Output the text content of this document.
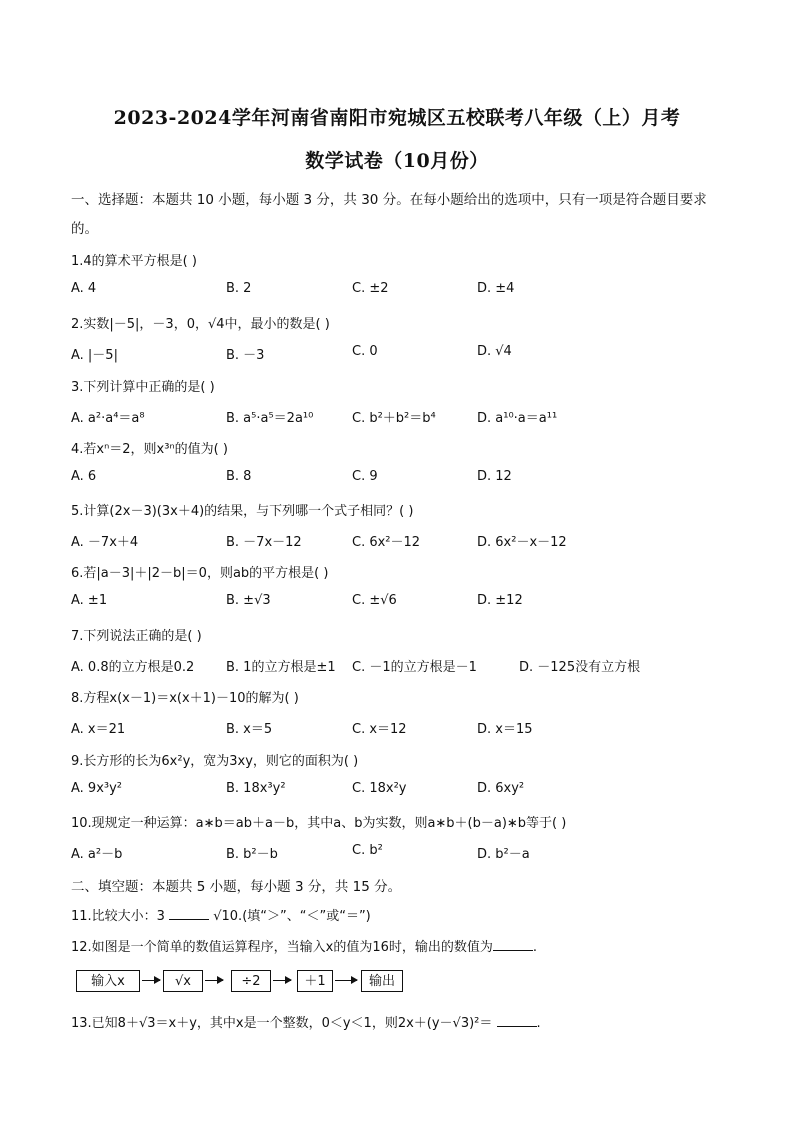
2023-2024学年河南省南阳市宛城区五校联考八年级（上）月考
数学试卷（10月份）
一、选择题：本题共 10 小题，每小题 3 分，共 30 分。在每小题给出的选项中，只有一项是符合题目要求
的。
1.4的算术平方根是( )
A. 4	B. 2	C. ±2	D. ±4
2.实数|－5|，－3，0，√4中，最小的数是( )
A. |－5|	B. －3	C. 0	D. √4
3.下列计算中正确的是( )
A. a²·a⁴＝a⁸	B. a⁵·a⁵＝2a¹⁰	C. b²＋b²＝b⁴	D. a¹⁰·a＝a¹¹
4.若xⁿ＝2，则x³ⁿ的值为( )
A. 6	B. 8	C. 9	D. 12
5.计算(2x－3)(3x＋4)的结果，与下列哪一个式子相同？( )
A. －7x＋4	B. －7x－12	C. 6x²－12	D. 6x²－x－12
6.若|a－3|＋|2－b|＝0，则ab的平方根是( )
A. ±1	B. ±√3	C. ±√6	D. ±12
7.下列说法正确的是( )
A. 0.8的立方根是0.2 B. 1的立方根是±1 C. －1的立方根是－1	D. －125没有立方根
8.方程x(x－1)＝x(x＋1)－10的解为( )
A. x＝21	B. x＝5	C. x＝12	D. x＝15
9.长方形的长为6x²y，宽为3xy，则它的面积为( )
A. 9x³y²	B. 18x³y²	C. 18x²y	D. 6xy²
10.现规定一种运算：a∗b＝ab＋a－b，其中a、b为实数，则a∗b＋(b－a)∗b等于( )
A. a²－b	B. b²－b	C. b²	D. b²－a
二、填空题：本题共 5 小题，每小题 3 分，共 15 分。
11.比较大小：3	√10.(填“＞”、“＜”或“＝”)
12.如图是一个简单的数值运算程序，当输入x的值为16时，输出的数值为	.
输入x	√x	÷2	＋1	输出
13.已知8＋√3＝x＋y，其中x是一个整数，0＜y＜1，则2x＋(y－√3)²＝	.
